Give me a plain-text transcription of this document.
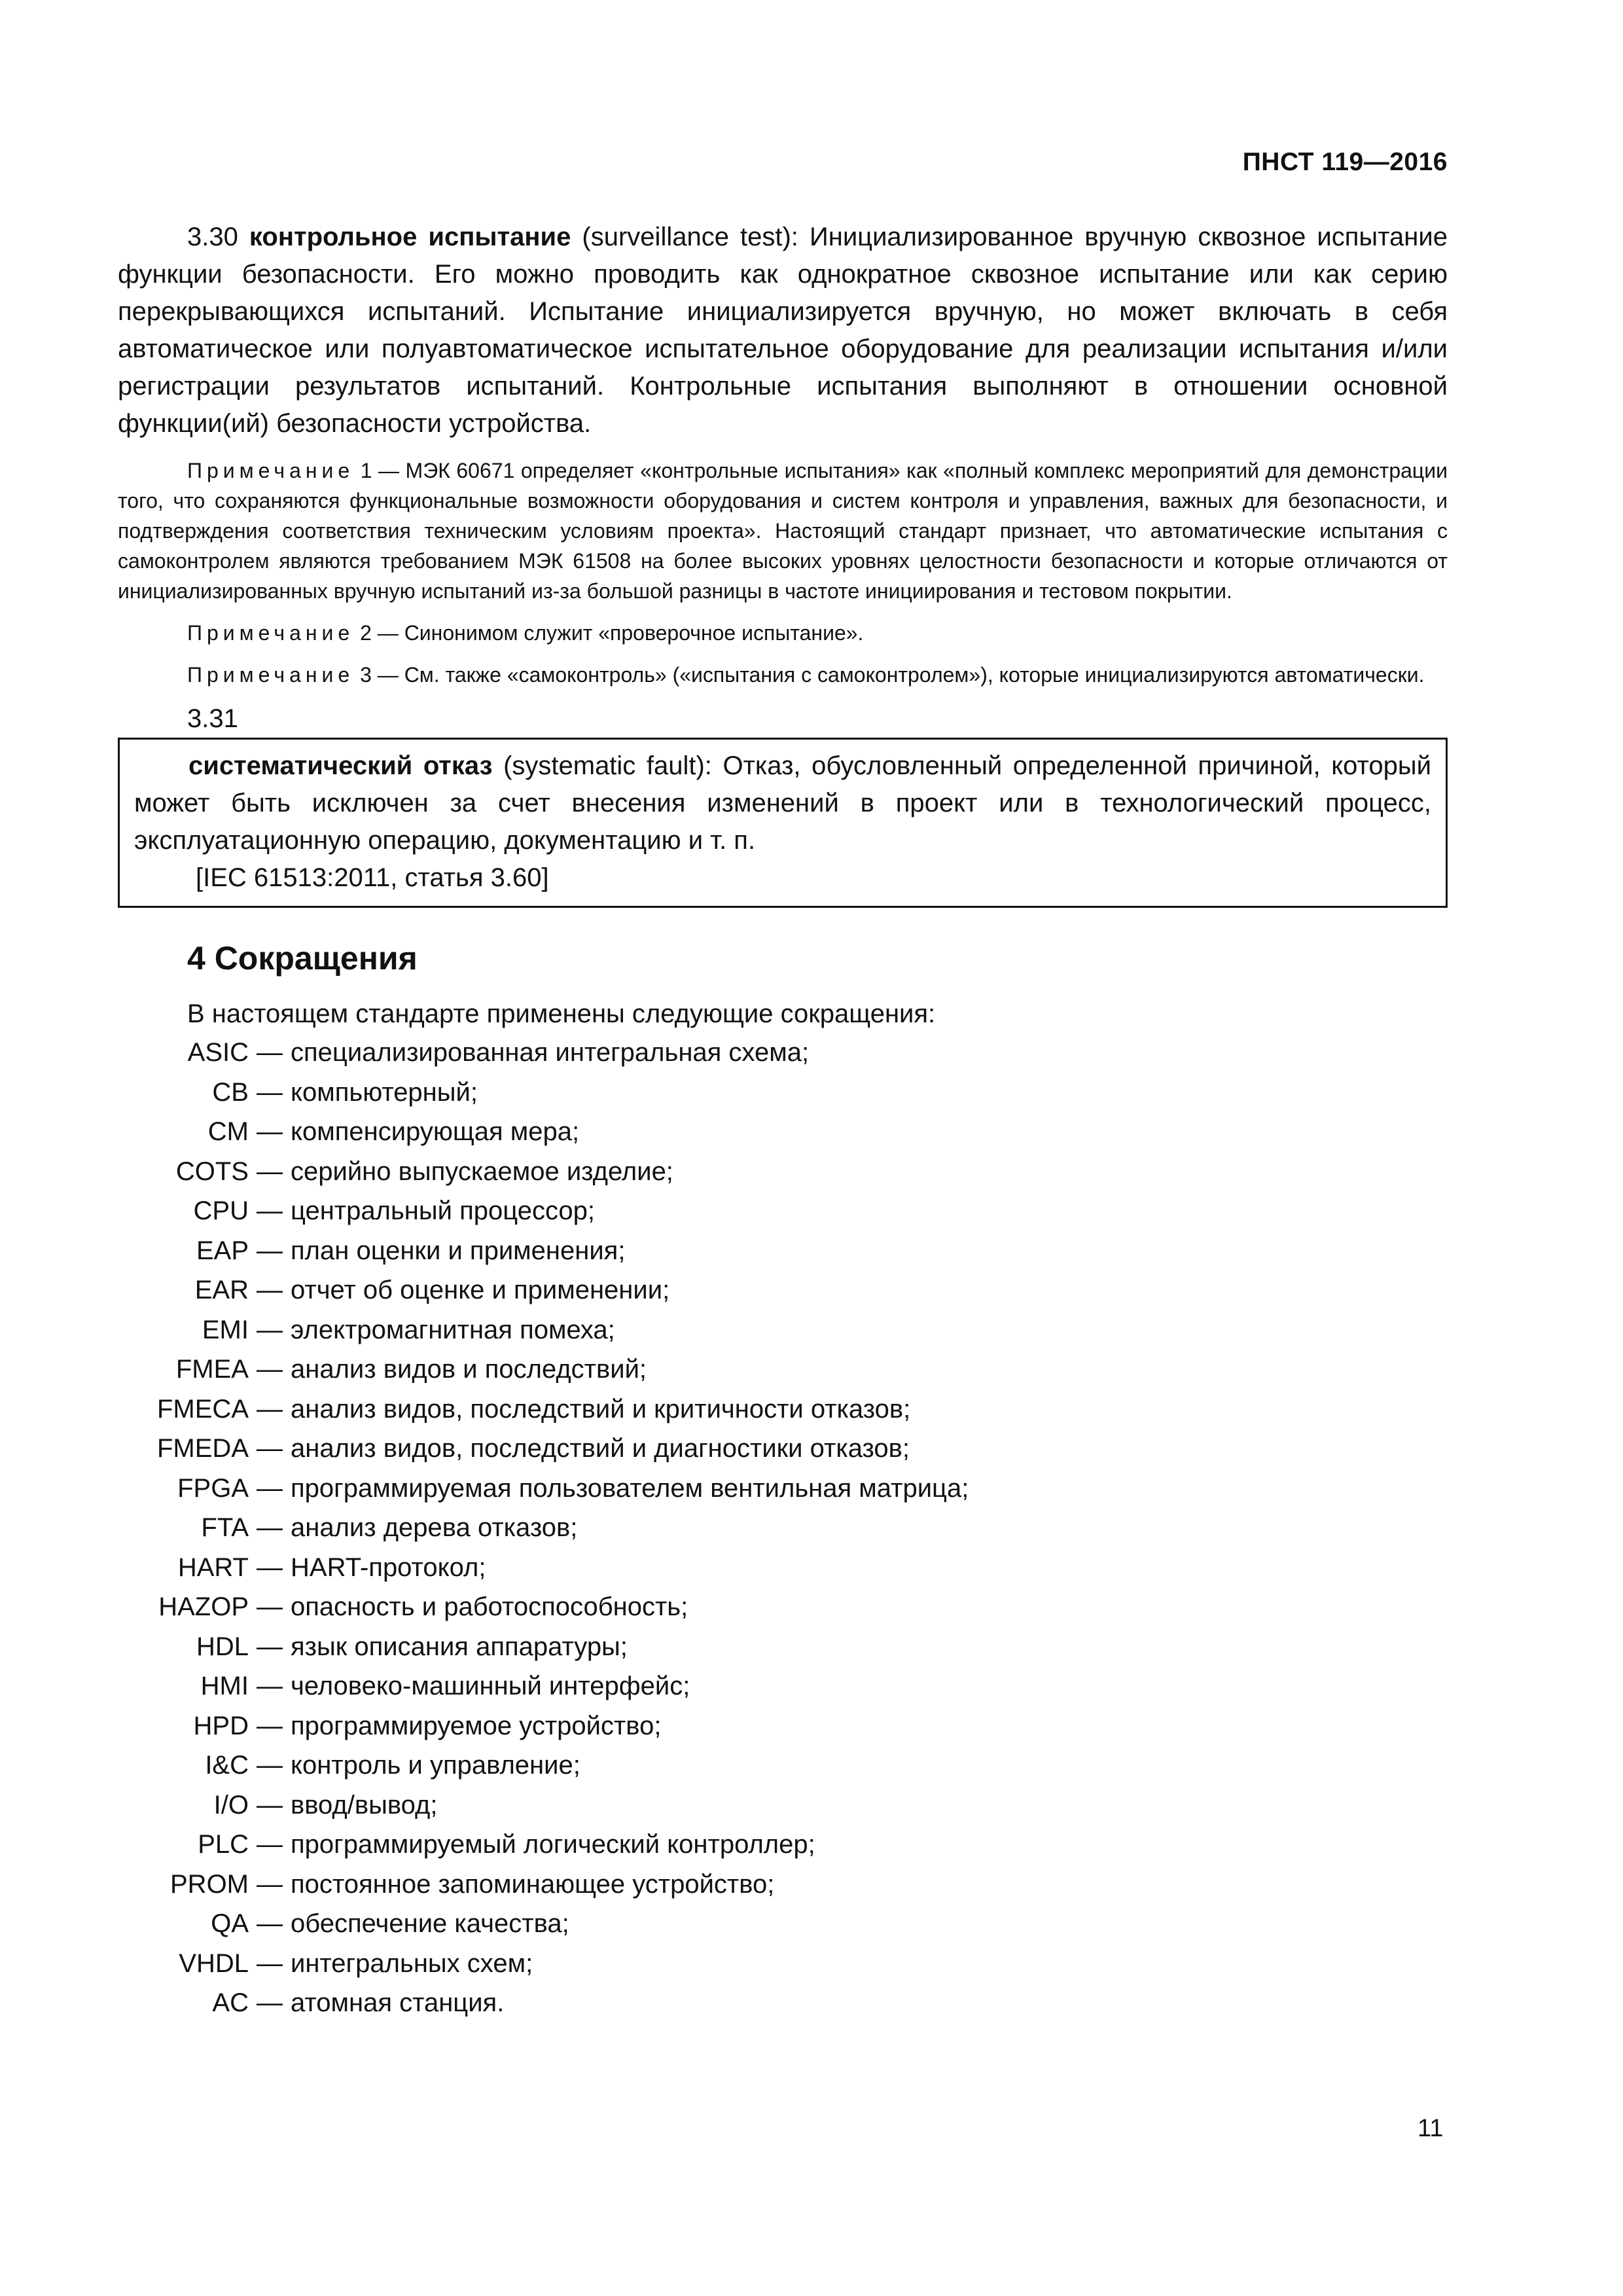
ПНСТ 119—2016

3.30 контрольное испытание (surveillance test): Инициализированное вручную сквозное испытание функции безопасности. Его можно проводить как однократное сквозное испытание или как серию перекрывающихся испытаний. Испытание инициализируется вручную, но может включать в себя автоматическое или полуавтоматическое испытательное оборудование для реализации испытания и/или регистрации результатов испытаний. Контрольные испытания выполняют в отношении основной функции(ий) безопасности устройства.

Примечание 1 — МЭК 60671 определяет «контрольные испытания» как «полный комплекс мероприятий для демонстрации того, что сохраняются функциональные возможности оборудования и систем контроля и управления, важных для безопасности, и подтверждения соответствия техническим условиям проекта». Настоящий стандарт признает, что автоматические испытания с самоконтролем являются требованием МЭК 61508 на более высоких уровнях целостности безопасности и которые отличаются от инициализированных вручную испытаний из-за большой разницы в частоте инициирования и тестовом покрытии.

Примечание 2 — Синонимом служит «проверочное испытание».

Примечание 3 — См. также «самоконтроль» («испытания с самоконтролем»), которые инициализируются автоматически.

3.31

систематический отказ (systematic fault): Отказ, обусловленный определенной причиной, который может быть исключен за счет внесения изменений в проект или в технологический процесс, эксплуатационную операцию, документацию и т. п.

[IEC 61513:2011, статья 3.60]

4 Сокращения

В настоящем стандарте применены следующие сокращения:

ASIC — специализированная интегральная схема;
CB — компьютерный;
CM — компенсирующая мера;
COTS — серийно выпускаемое изделие;
CPU — центральный процессор;
EAP — план оценки и применения;
EAR — отчет об оценке и применении;
EMI — электромагнитная помеха;
FMEA — анализ видов и последствий;
FMECA — анализ видов, последствий и критичности отказов;
FMEDA — анализ видов, последствий и диагностики отказов;
FPGA — программируемая пользователем вентильная матрица;
FTA — анализ дерева отказов;
HART — HART-протокол;
HAZOP — опасность и работоспособность;
HDL — язык описания аппаратуры;
HMI — человеко-машинный интерфейс;
HPD — программируемое устройство;
I&C — контроль и управление;
I/O — ввод/вывод;
PLC — программируемый логический контроллер;
PROM — постоянное запоминающее устройство;
QA — обеспечение качества;
VHDL — интегральных схем;
AC — атомная станция.
11
